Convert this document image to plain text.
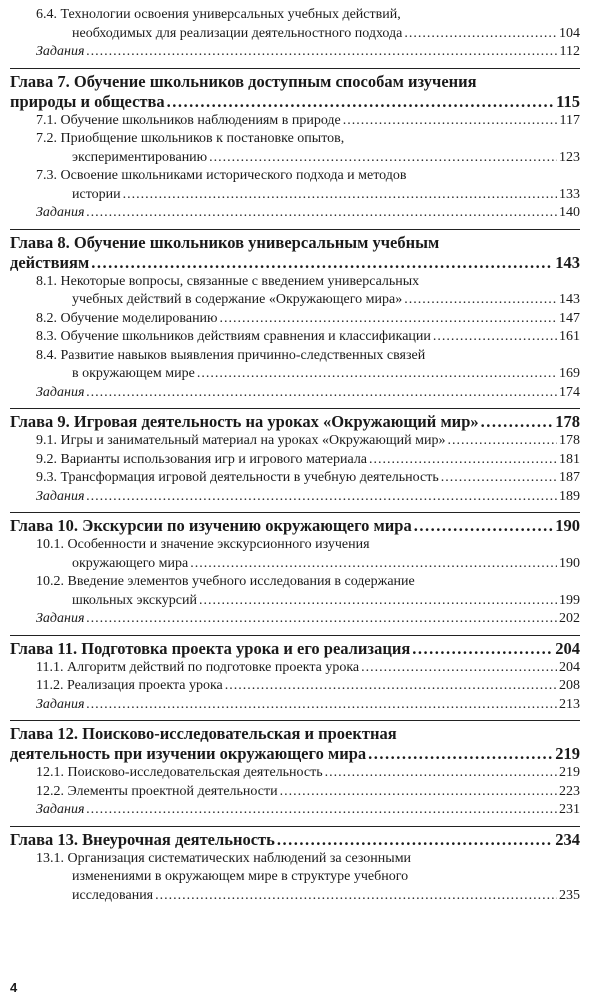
6.4. Технологии освоения универсальных учебных действий,
необходимых для реализации деятельностного подхода .....	104
Задания .....	112
Глава 7. Обучение школьников доступным способам изучения
природы и общества .....	115
7.1. Обучение школьников наблюдениям в природе .....	117
7.2. Приобщение школьников к постановке опытов,
экспериментированию .....	123
7.3. Освоение школьниками исторического подхода и методов
истории .....	133
Задания .....	140
Глава 8. Обучение школьников универсальным учебным
действиям .....	143
8.1. Некоторые вопросы, связанные с введением универсальных
учебных действий в содержание «Окружающего мира» .....	143
8.2. Обучение моделированию .....	147
8.3. Обучение школьников действиям сравнения и классификации .....	161
8.4. Развитие навыков выявления причинно-следственных связей
в окружающем мире .....	169
Задания .....	174
Глава 9. Игровая деятельность на уроках «Окружающий мир» .....	178
9.1. Игры и занимательный материал на уроках «Окружающий мир» .....	178
9.2. Варианты использования игр и игрового материала .....	181
9.3. Трансформация игровой деятельности в учебную деятельность .....	187
Задания .....	189
Глава 10. Экскурсии по изучению окружающего мира .....	190
10.1. Особенности и значение экскурсионного изучения
окружающего мира .....	190
10.2. Введение элементов учебного исследования в содержание
школьных экскурсий .....	199
Задания .....	202
Глава 11. Подготовка проекта урока и его реализация .....	204
11.1. Алгоритм действий по подготовке проекта урока .....	204
11.2. Реализация проекта урока .....	208
Задания .....	213
Глава 12. Поисково-исследовательская и проектная
деятельность при изучении окружающего мира .....	219
12.1. Поисково-исследовательская деятельность .....	219
12.2. Элементы проектной деятельности .....	223
Задания .....	231
Глава 13. Внеурочная деятельность .....	234
13.1. Организация систематических наблюдений за сезонными
изменениями в окружающем мире в структуре учебного
исследования .....	235
4
